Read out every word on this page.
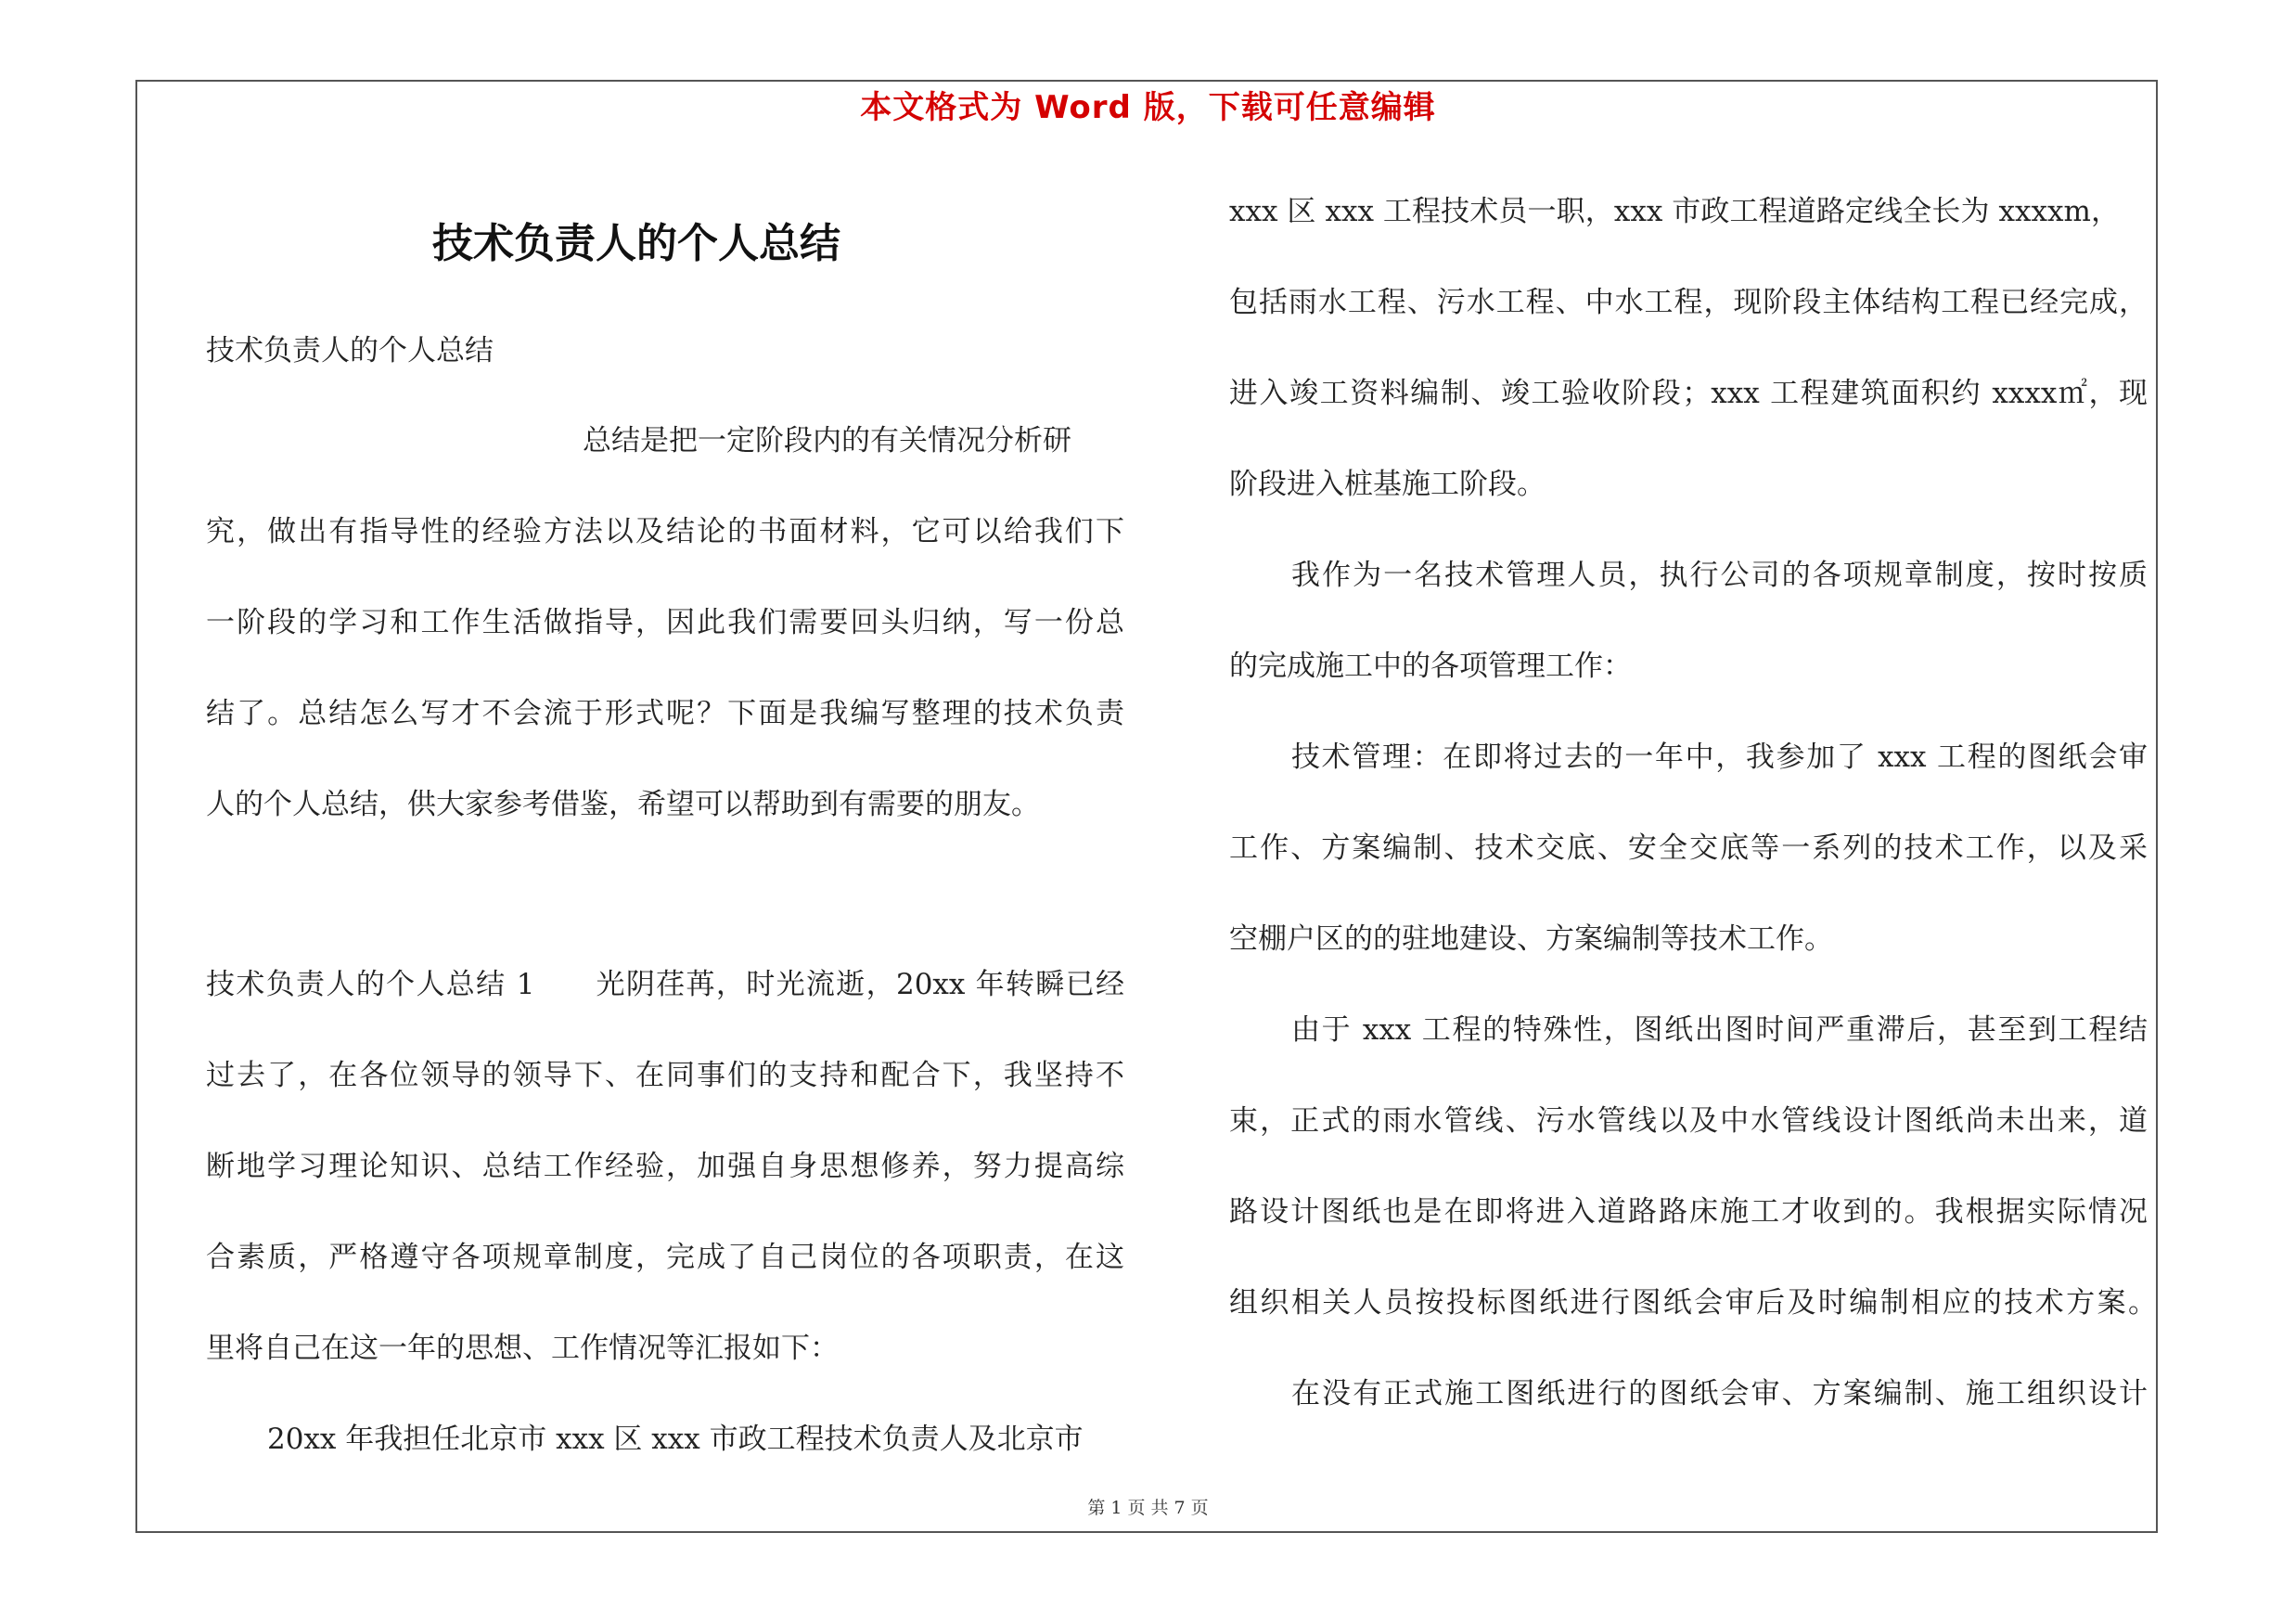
本文格式为 Word 版，下载可任意编辑
技术负责人的个人总结
技术负责人的个人总结
总结是把一定阶段内的有关情况分析研
究，做出有指导性的经验方法以及结论的书面材料，它可以给我们下
一阶段的学习和工作生活做指导，因此我们需要回头归纳，写一份总
结了。总结怎么写才不会流于形式呢？下面是我编写整理的技术负责
人的个人总结，供大家参考借鉴，希望可以帮助到有需要的朋友。
技术负责人的个人总结 1　　光阴荏苒，时光流逝，20xx 年转瞬已经
过去了，在各位领导的领导下、在同事们的支持和配合下，我坚持不
断地学习理论知识、总结工作经验，加强自身思想修养，努力提高综
合素质，严格遵守各项规章制度，完成了自己岗位的各项职责，在这
里将自己在这一年的思想、工作情况等汇报如下：
20xx 年我担任北京市 xxx 区 xxx 市政工程技术负责人及北京市
xxx 区 xxx 工程技术员一职，xxx 市政工程道路定线全长为 xxxxm，
包括雨水工程、污水工程、中水工程，现阶段主体结构工程已经完成，
进入竣工资料编制、竣工验收阶段；xxx 工程建筑面积约 xxxx㎡，现
阶段进入桩基施工阶段。
我作为一名技术管理人员，执行公司的各项规章制度，按时按质
的完成施工中的各项管理工作：
技术管理：在即将过去的一年中，我参加了 xxx 工程的图纸会审
工作、方案编制、技术交底、安全交底等一系列的技术工作，以及采
空棚户区的的驻地建设、方案编制等技术工作。
由于 xxx 工程的特殊性，图纸出图时间严重滞后，甚至到工程结
束，正式的雨水管线、污水管线以及中水管线设计图纸尚未出来，道
路设计图纸也是在即将进入道路路床施工才收到的。我根据实际情况
组织相关人员按投标图纸进行图纸会审后及时编制相应的技术方案。
在没有正式施工图纸进行的图纸会审、方案编制、施工组织设计
第 1 页 共 7 页
